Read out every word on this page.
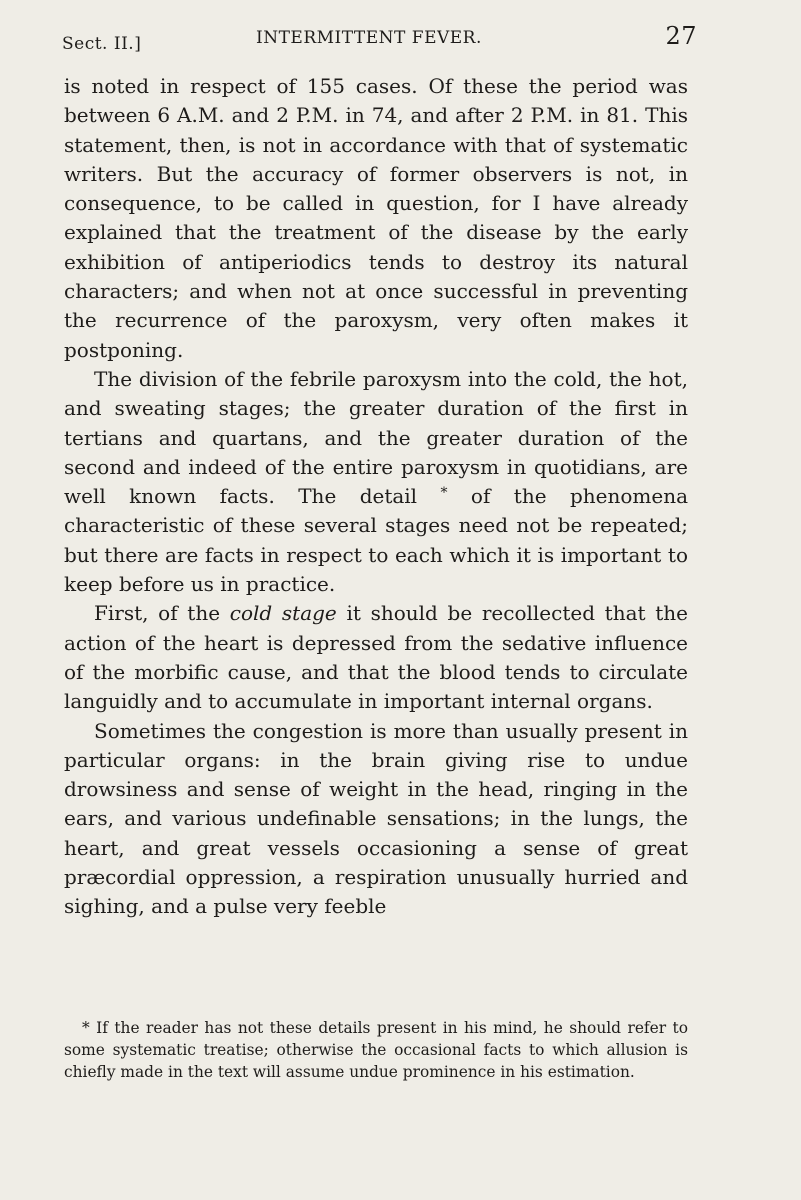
Sect. II.]	INTERMITTENT FEVER.	27

is noted in respect of 155 cases. Of these the period was between 6 A.M. and 2 P.M. in 74, and after 2 P.M. in 81. This statement, then, is not in accordance with that of systematic writers. But the accuracy of former observers is not, in consequence, to be called in question, for I have already explained that the treatment of the disease by the early exhibition of antiperiodics tends to destroy its natural characters; and when not at once successful in preventing the recurrence of the paroxysm, very often makes it postponing.

The division of the febrile paroxysm into the cold, the hot, and sweating stages; the greater duration of the first in tertians and quartans, and the greater duration of the second and indeed of the entire paroxysm in quotidians, are well known facts. The detail * of the phenomena characteristic of these several stages need not be repeated; but there are facts in respect to each which it is important to keep before us in practice.

First, of the cold stage it should be recollected that the action of the heart is depressed from the sedative influence of the morbific cause, and that the blood tends to circulate languidly and to accumulate in important internal organs.

Sometimes the congestion is more than usually present in particular organs: in the brain giving rise to undue drowsiness and sense of weight in the head, ringing in the ears, and various undefinable sensations; in the lungs, the heart, and great vessels occasioning a sense of great præcordial oppression, a respiration unusually hurried and sighing, and a pulse very feeble

* If the reader has not these details present in his mind, he should refer to some systematic treatise; otherwise the occasional facts to which allusion is chiefly made in the text will assume undue prominence in his estimation.
